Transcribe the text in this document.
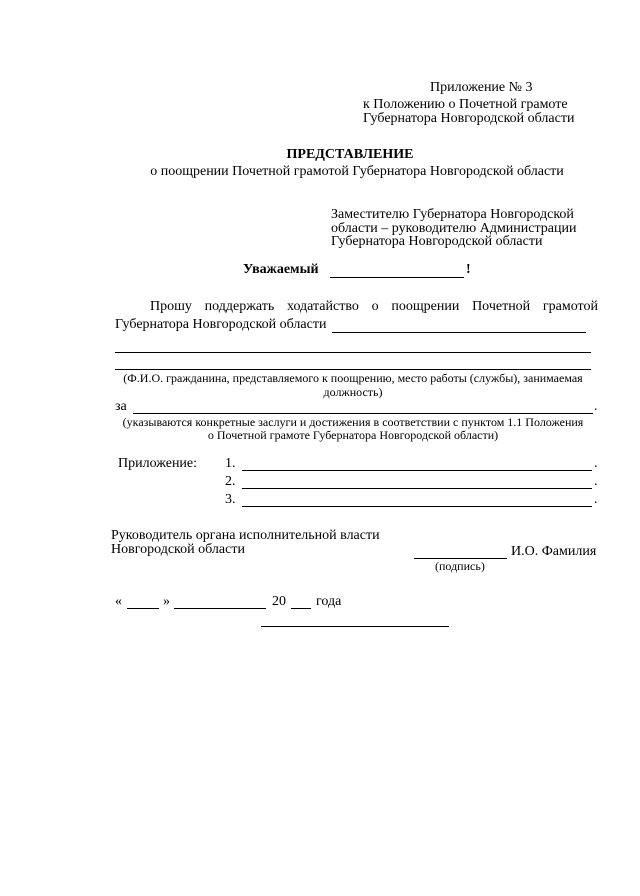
Приложение № 3
к Положению о Почетной грамоте
Губернатора Новгородской области
ПРЕДСТАВЛЕНИЕ
о поощрении Почетной грамотой Губернатора Новгородской области
Заместителю Губернатора Новгородской
области – руководителю Администрации
Губернатора Новгородской области
Уважаемый	!
Прошу поддержать ходатайство о поощрении Почетной грамотой
Губернатора Новгородской области
(Ф.И.О. гражданина, представляемого к поощрению, место работы (службы), занимаемая
должность)
за	.
(указываются конкретные заслуги и достижения в соответствии с пунктом 1.1 Положения
о Почетной грамоте Губернатора Новгородской области)
Приложение: 1.	.
2.	.
3.	.
Руководитель органа исполнительной власти
Новгородской области	И.О. Фамилия
(подпись)
«	»	20 года
